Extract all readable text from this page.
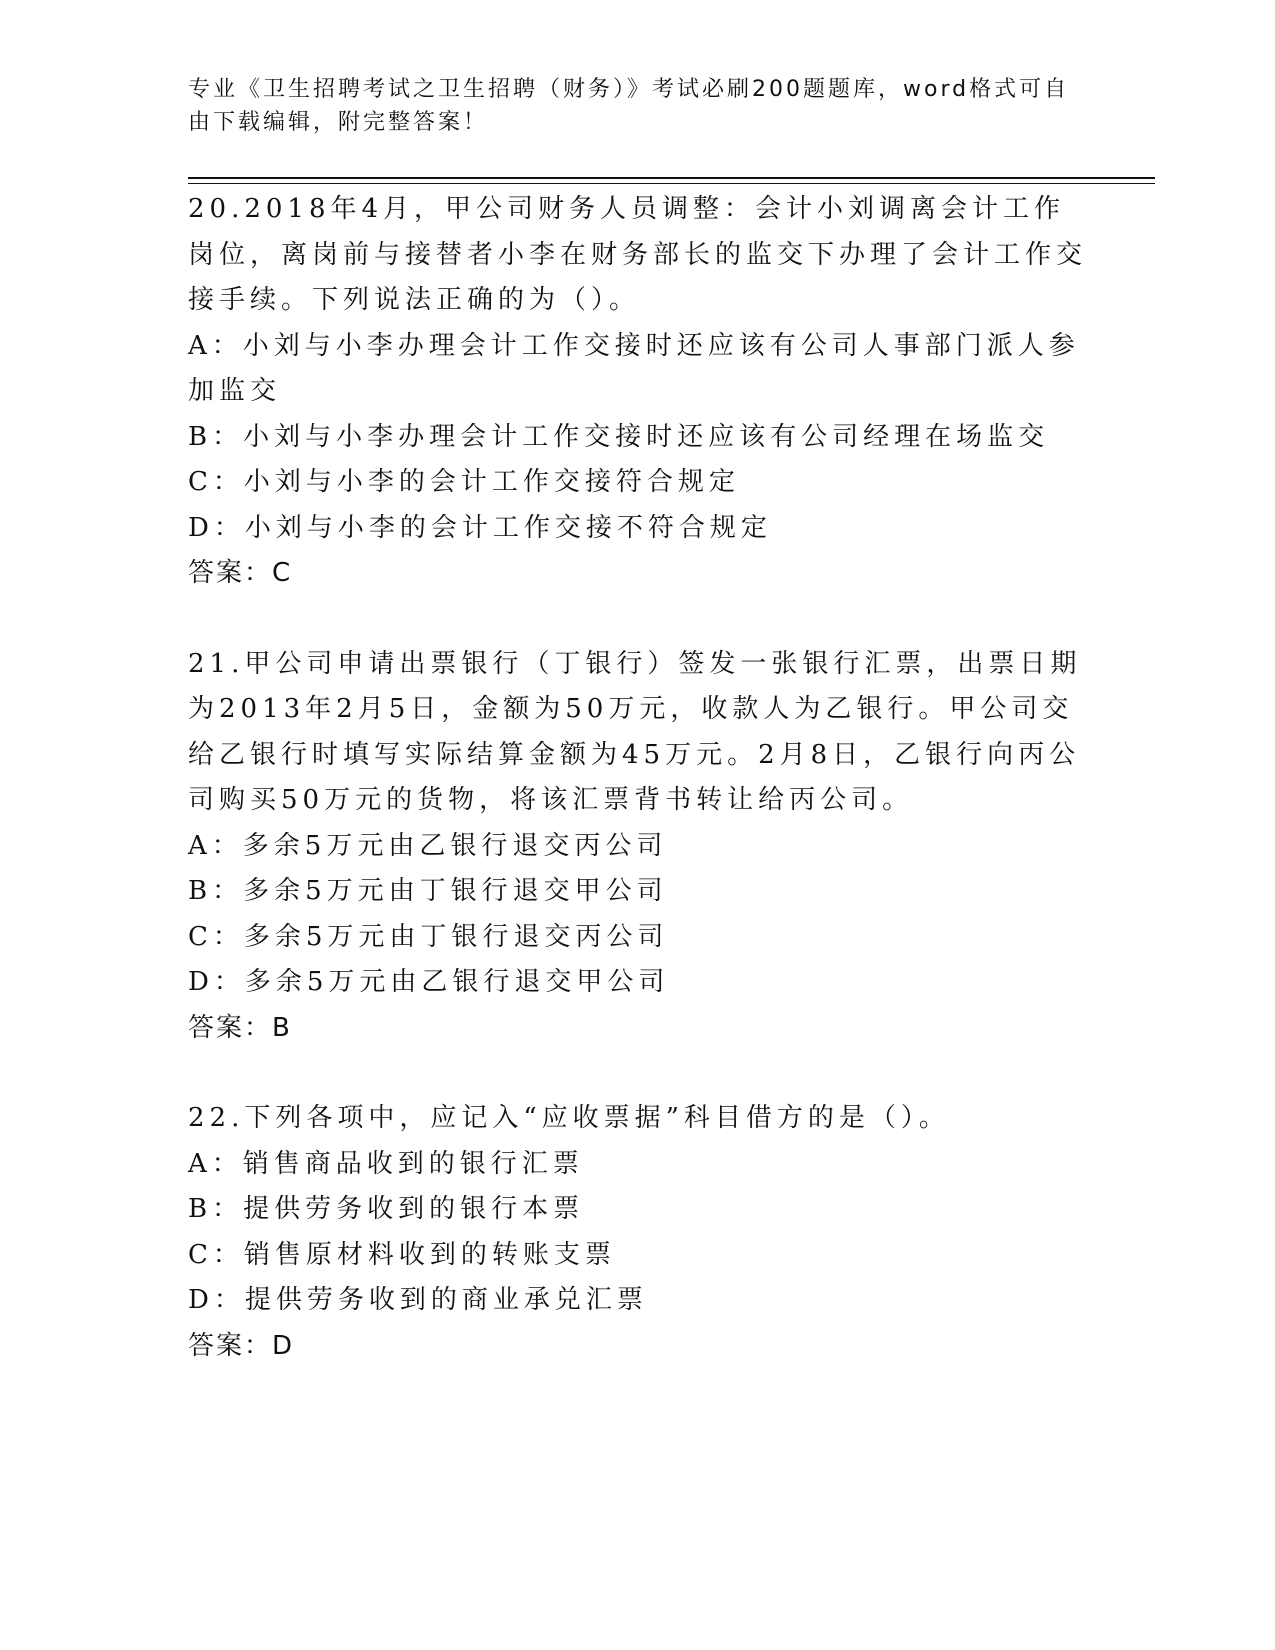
专业《卫生招聘考试之卫生招聘（财务）》考试必刷200题题库，word格式可自由下载编辑，附完整答案！
20.2018年4月，甲公司财务人员调整：会计小刘调离会计工作岗位，离岗前与接替者小李在财务部长的监交下办理了会计工作交接手续。下列说法正确的为（）。
A：小刘与小李办理会计工作交接时还应该有公司人事部门派人参加监交
B：小刘与小李办理会计工作交接时还应该有公司经理在场监交
C：小刘与小李的会计工作交接符合规定
D：小刘与小李的会计工作交接不符合规定
答案：C
21.甲公司申请出票银行（丁银行）签发一张银行汇票，出票日期为2013年2月5日，金额为50万元，收款人为乙银行。甲公司交给乙银行时填写实际结算金额为45万元。2月8日，乙银行向丙公司购买50万元的货物，将该汇票背书转让给丙公司。
A：多余5万元由乙银行退交丙公司
B：多余5万元由丁银行退交甲公司
C：多余5万元由丁银行退交丙公司
D：多余5万元由乙银行退交甲公司
答案：B
22.下列各项中，应记入“应收票据”科目借方的是（）。
A：销售商品收到的银行汇票
B：提供劳务收到的银行本票
C：销售原材料收到的转账支票
D：提供劳务收到的商业承兑汇票
答案：D
